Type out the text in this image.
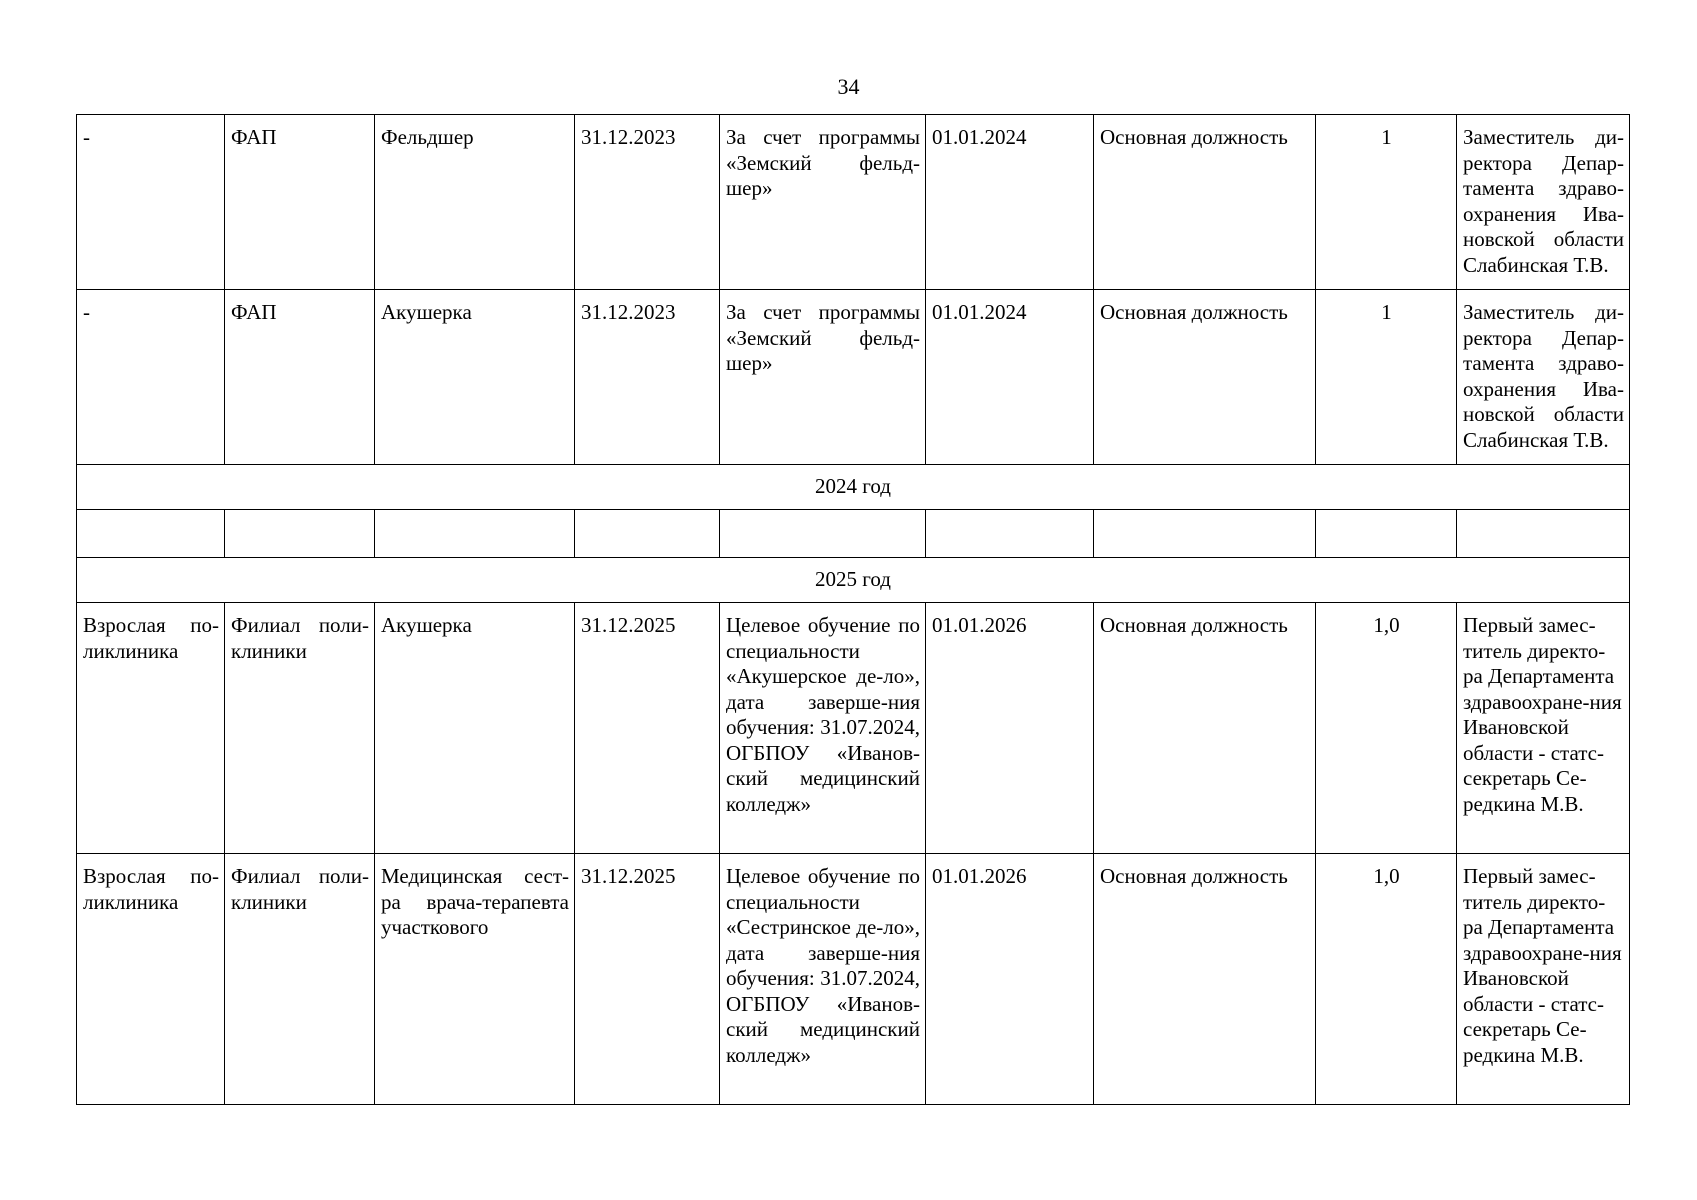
34
-	ФАП	Фельдшер	31.12.2023	За счет программы «Земский фельд-шер»	01.01.2024	Основная должность	1	Заместитель ди-ректора Депар-тамента здраво-охранения Ива-новской области Слабинская Т.В.
-	ФАП	Акушерка	31.12.2023	За счет программы «Земский фельд-шер»	01.01.2024	Основная должность	1	Заместитель ди-ректора Депар-тамента здраво-охранения Ива-новской области Слабинская Т.В.
2024 год								

2025 год								
Взрослая по-ликлиника	Филиал поли-клиники	Акушерка	31.12.2025	Целевое обучение по специальности «Акушерское де-ло», дата заверше-ния обучения: 31.07.2024, ОГБПОУ «Иванов-ский медицинский колледж»	01.01.2026	Основная должность	1,0	Первый замес-титель директо-ра Департамента здравоохране-ния Ивановской области - статс-секретарь Се-редкина М.В.
Взрослая по-ликлиника	Филиал поли-клиники	Медицинская сест-ра врача-терапевта участкового	31.12.2025	Целевое обучение по специальности «Сестринское де-ло», дата заверше-ния обучения: 31.07.2024, ОГБПОУ «Иванов-ский медицинский колледж»	01.01.2026	Основная должность	1,0	Первый замес-титель директо-ра Департамента здравоохране-ния Ивановской области - статс-секретарь Се-редкина М.В.
